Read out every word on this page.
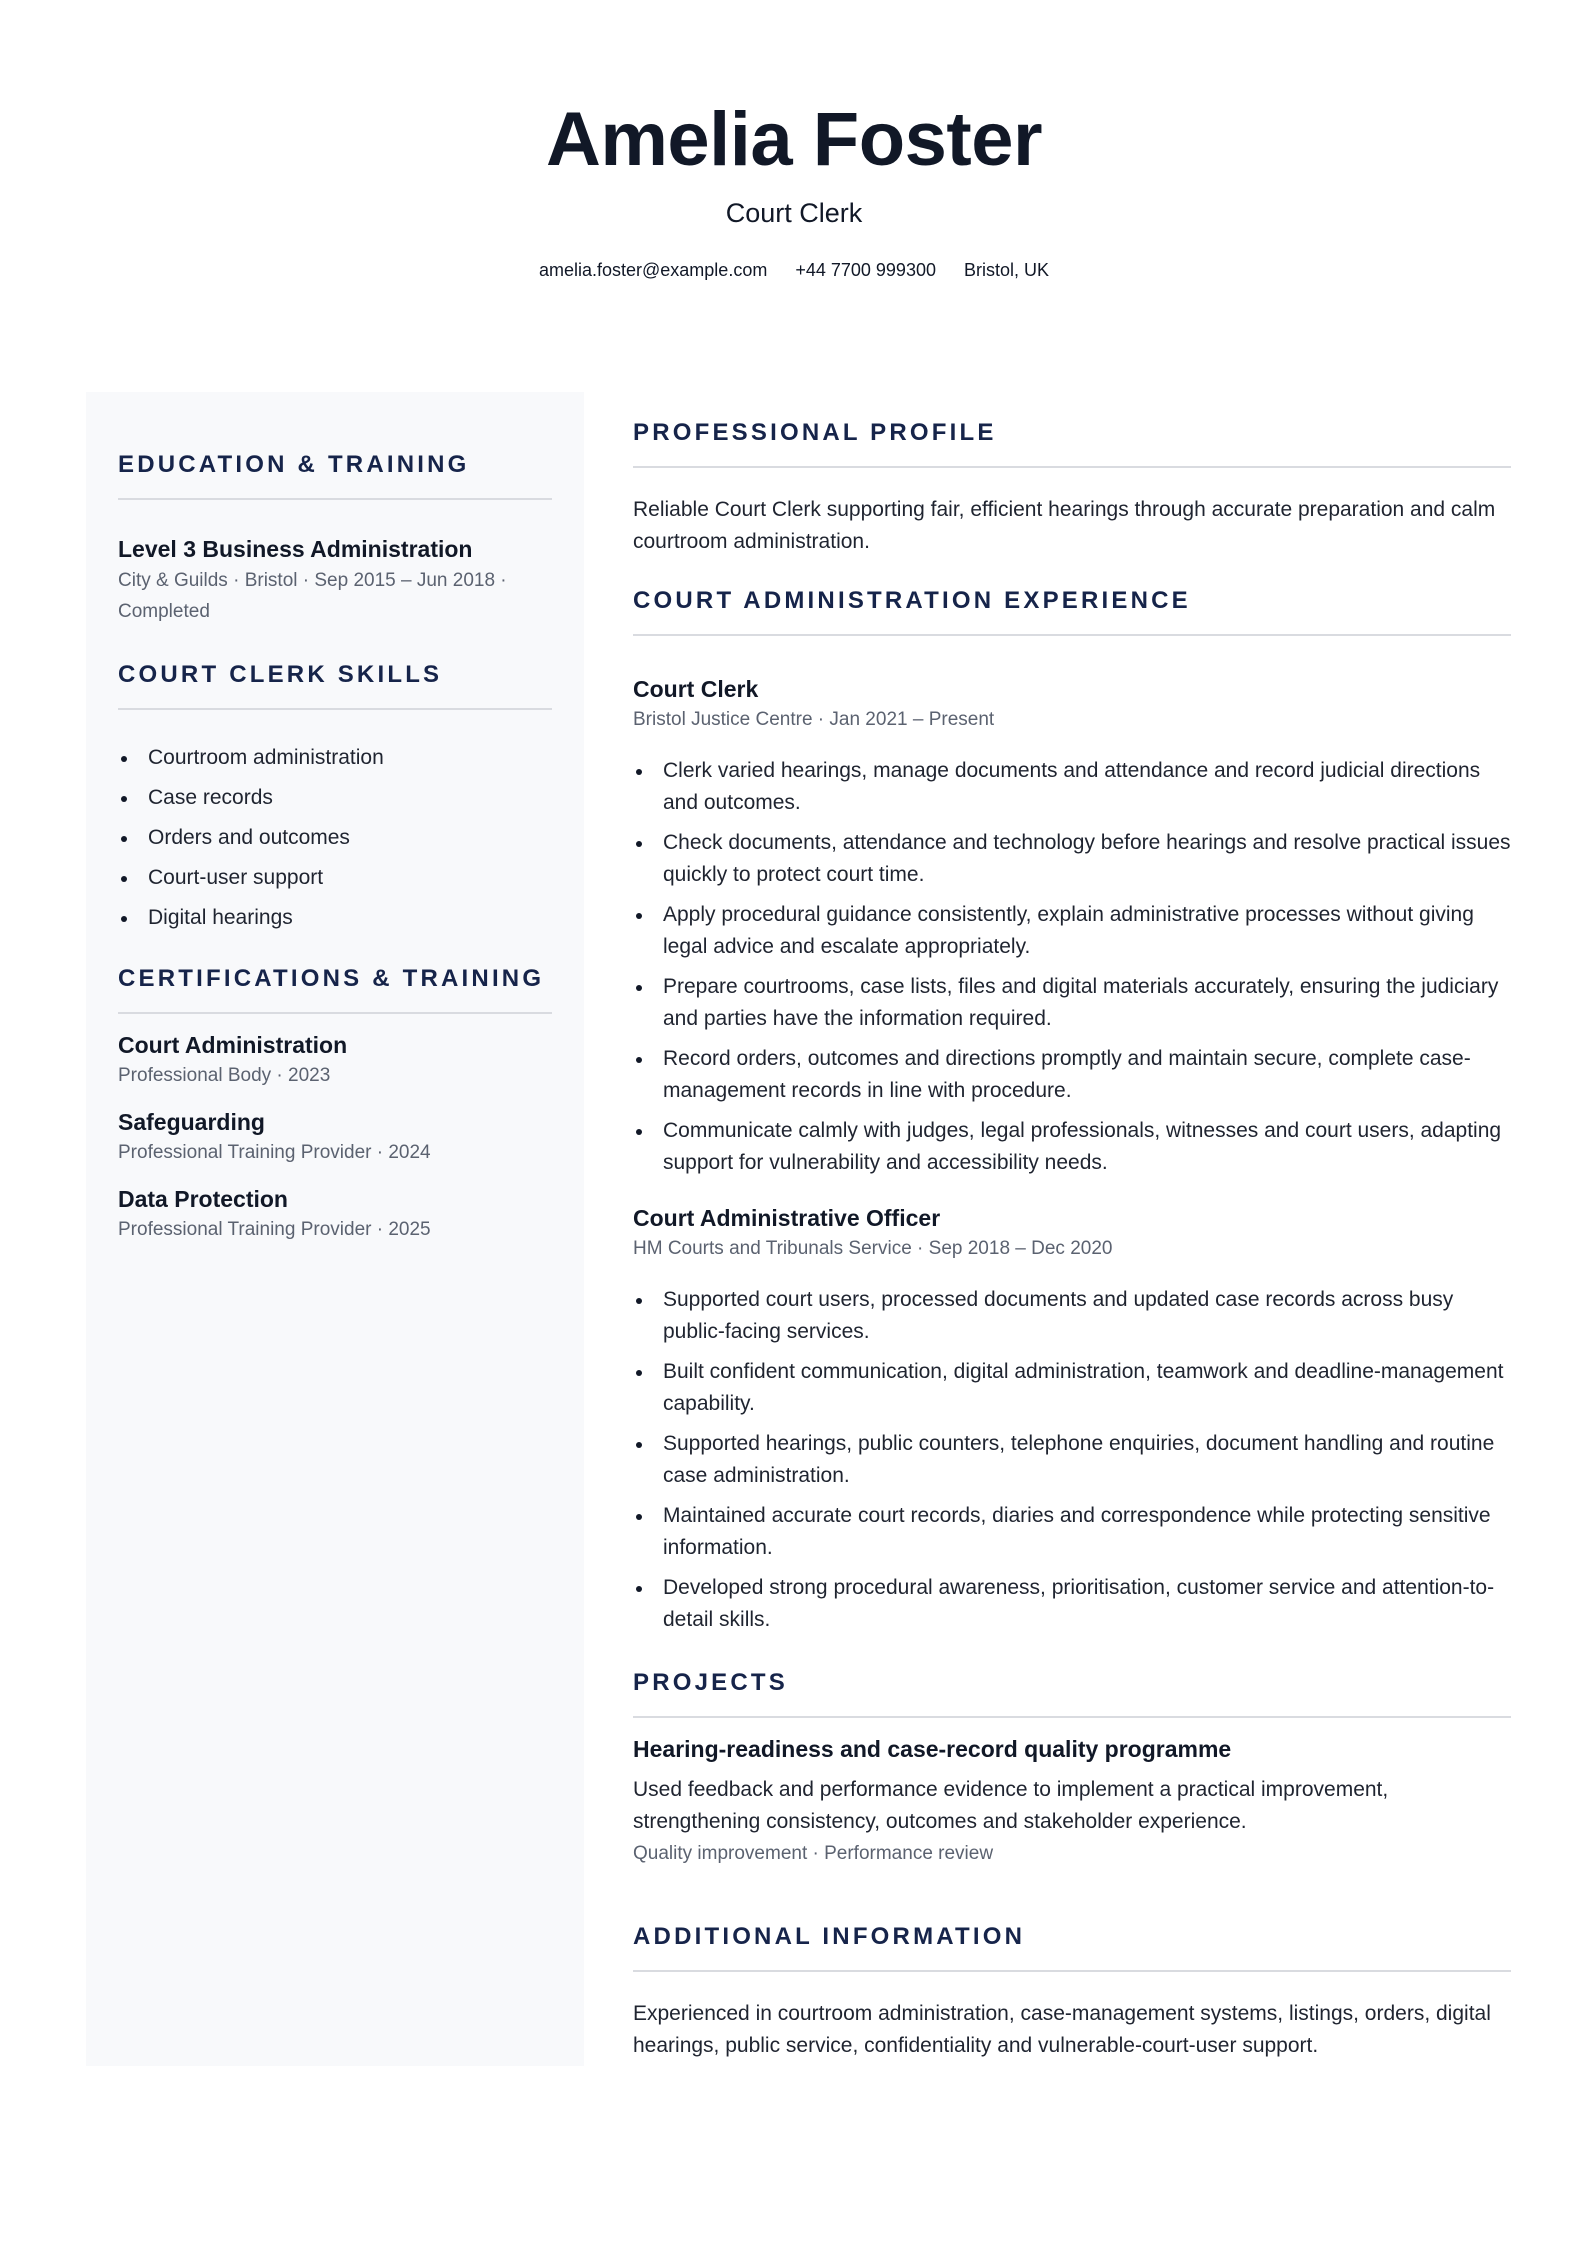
Amelia Foster
Court Clerk
amelia.foster@example.com +44 7700 999300 Bristol, UK
EDUCATION & TRAINING
Level 3 Business Administration
City & Guilds · Bristol · Sep 2015 – Jun 2018 · Completed
COURT CLERK SKILLS
Courtroom administration
Case records
Orders and outcomes
Court-user support
Digital hearings
CERTIFICATIONS & TRAINING
Court Administration
Professional Body · 2023
Safeguarding
Professional Training Provider · 2024
Data Protection
Professional Training Provider · 2025
PROFESSIONAL PROFILE
Reliable Court Clerk supporting fair, efficient hearings through accurate preparation and calm courtroom administration.
COURT ADMINISTRATION EXPERIENCE
Court Clerk
Bristol Justice Centre · Jan 2021 – Present
Clerk varied hearings, manage documents and attendance and record judicial directions and outcomes.
Check documents, attendance and technology before hearings and resolve practical issues quickly to protect court time.
Apply procedural guidance consistently, explain administrative processes without giving legal advice and escalate appropriately.
Prepare courtrooms, case lists, files and digital materials accurately, ensuring the judiciary and parties have the information required.
Record orders, outcomes and directions promptly and maintain secure, complete case-management records in line with procedure.
Communicate calmly with judges, legal professionals, witnesses and court users, adapting support for vulnerability and accessibility needs.
Court Administrative Officer
HM Courts and Tribunals Service · Sep 2018 – Dec 2020
Supported court users, processed documents and updated case records across busy public-facing services.
Built confident communication, digital administration, teamwork and deadline-management capability.
Supported hearings, public counters, telephone enquiries, document handling and routine case administration.
Maintained accurate court records, diaries and correspondence while protecting sensitive information.
Developed strong procedural awareness, prioritisation, customer service and attention-to-detail skills.
PROJECTS
Hearing-readiness and case-record quality programme
Used feedback and performance evidence to implement a practical improvement, strengthening consistency, outcomes and stakeholder experience.
Quality improvement · Performance review
ADDITIONAL INFORMATION
Experienced in courtroom administration, case-management systems, listings, orders, digital hearings, public service, confidentiality and vulnerable-court-user support.
